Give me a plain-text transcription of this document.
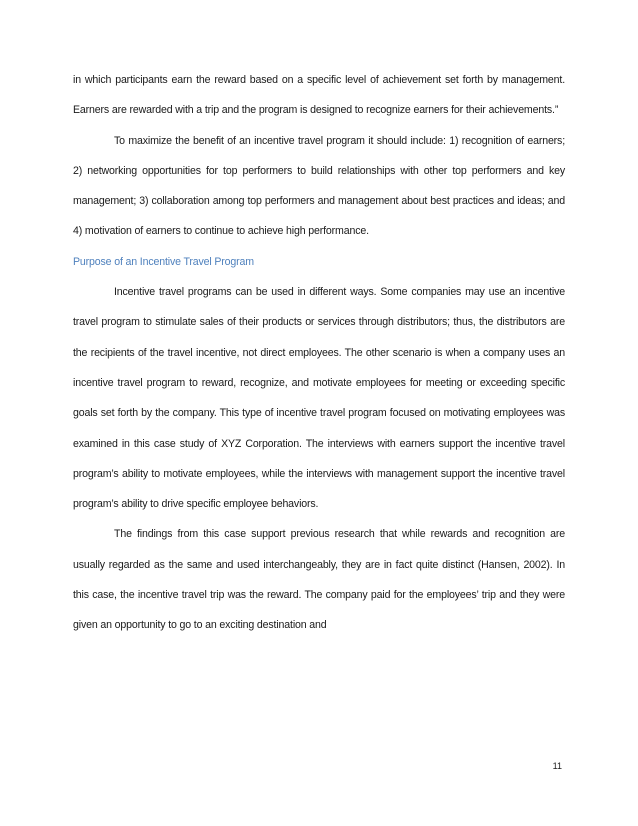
in which participants earn the reward based on a specific level of achievement set forth by management. Earners are rewarded with a trip and the program is designed to recognize earners for their achievements.”

To maximize the benefit of an incentive travel program it should include: 1) recognition of earners; 2) networking opportunities for top performers to build relationships with other top performers and key management; 3) collaboration among top performers and management about best practices and ideas; and 4) motivation of earners to continue to achieve high performance.

Purpose of an Incentive Travel Program

Incentive travel programs can be used in different ways. Some companies may use an incentive travel program to stimulate sales of their products or services through distributors; thus, the distributors are the recipients of the travel incentive, not direct employees. The other scenario is when a company uses an incentive travel program to reward, recognize, and motivate employees for meeting or exceeding specific goals set forth by the company. This type of incentive travel program focused on motivating employees was examined in this case study of XYZ Corporation. The interviews with earners support the incentive travel program’s ability to motivate employees, while the interviews with management support the incentive travel program’s ability to drive specific employee behaviors.

The findings from this case support previous research that while rewards and recognition are usually regarded as the same and used interchangeably, they are in fact quite distinct (Hansen, 2002). In this case, the incentive travel trip was the reward. The company paid for the employees’ trip and they were given an opportunity to go to an exciting destination and

11
